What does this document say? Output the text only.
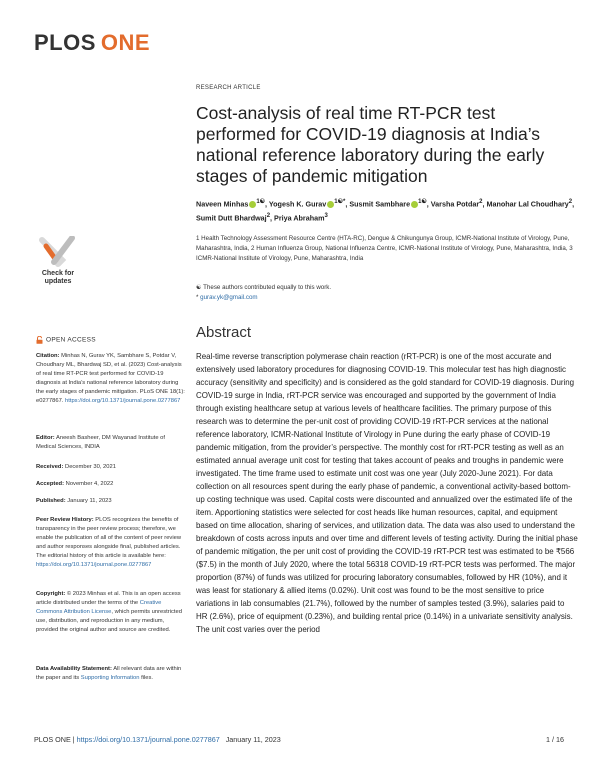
PLOS ONE
RESEARCH ARTICLE
Cost-analysis of real time RT-PCR test performed for COVID-19 diagnosis at India’s national reference laboratory during the early stages of pandemic mitigation
Naveen Minhas $^{1☯}$, Yogesh K. Gurav $^{1☯*}$, Susmit Sambhare $^{1☯}$, Varsha Potdar$^2$, Manohar Lal Choudhary$^2$, Sumit Dutt Bhardwaj$^2$, Priya Abraham$^3$
1 Health Technology Assessment Resource Centre (HTA-RC), Dengue & Chikungunya Group, ICMR-National Institute of Virology, Pune, Maharashtra, India, 2 Human Influenza Group, National Influenza Centre, ICMR-National Institute of Virology, Pune, Maharashtra, India, 3 ICMR-National Institute of Virology, Pune, Maharashtra, India
☯ These authors contributed equally to this work.
* gurav.yk@gmail.com
Abstract

Real-time reverse transcription polymerase chain reaction (rRT-PCR) is one of the most accurate and extensively used laboratory procedures for diagnosing COVID-19. This molecular test has high diagnostic accuracy (sensitivity and specificity) and is considered as the gold standard for COVID-19 diagnosis. During COVID-19 surge in India, rRT-PCR service was encouraged and supported by the government of India through existing healthcare setup at various levels of healthcare facilities. The primary purpose of this research was to determine the per-unit cost of providing COVID-19 rRT-PCR services at the national reference laboratory, ICMR-National Institute of Virology in Pune during the early phase of COVID-19 pandemic mitigation, from the provider’s perspective. The monthly cost for rRT-PCR testing as well as an estimated annual average unit cost for testing that takes account of peaks and troughs in pandemic were investigated. The time frame used to estimate unit cost was one year (July 2020-June 2021). For data collection on all resources spent during the early phase of pandemic, a conventional activity-based bottom-up costing technique was used. Capital costs were discounted and annualized over the estimated life of the item. Apportioning statistics were selected for cost heads like human resources, capital, and equipment based on time allocation, sharing of services, and utilization data. The data was also used to understand the breakdown of costs across inputs and over time and different levels of testing activity. During the initial phase of pandemic mitigation, the per unit cost of providing the COVID-19 rRT-PCR test was estimated to be ₹566 ($7.5) in the month of July 2020, where the total 56318 COVID-19 rRT-PCR tests was performed. The major proportion (87%) of funds was utilized for procuring laboratory consumables, followed by HR (10%), and it was least for stationary & allied items (0.02%). Unit cost was found to be the most sensitive to price variations in lab consumables (21.7%), followed by the number of samples tested (3.9%), salaries paid to HR (2.6%), price of equipment (0.23%), and building rental price (0.14%) in a univariate sensitivity analysis. The unit cost varies over the period

Check for
updates
OPEN ACCESS
Citation: Minhas N, Gurav YK, Sambhare S, Potdar V, Choudhary ML, Bhardwaj SD, et al. (2023) Cost-analysis of real time RT-PCR test performed for COVID-19 diagnosis at India’s national reference laboratory during the early stages of pandemic mitigation. PLoS ONE 18(1): e0277867. https://doi.org/10.1371/journal.pone.0277867
Editor: Aneesh Basheer, DM Wayanad Institute of Medical Sciences, INDIA
Received: December 30, 2021
Accepted: November 4, 2022
Published: January 11, 2023
Peer Review History: PLOS recognizes the benefits of transparency in the peer review process; therefore, we enable the publication of all of the content of peer review and author responses alongside final, published articles. The editorial history of this article is available here: https://doi.org/10.1371/journal.pone.0277867
Copyright: © 2023 Minhas et al. This is an open access article distributed under the terms of the Creative Commons Attribution License, which permits unrestricted use, distribution, and reproduction in any medium, provided the original author and source are credited.
Data Availability Statement: All relevant data are within the paper and its Supporting Information files.
PLOS ONE | https://doi.org/10.1371/journal.pone.0277867 January 11, 2023	1 / 16
